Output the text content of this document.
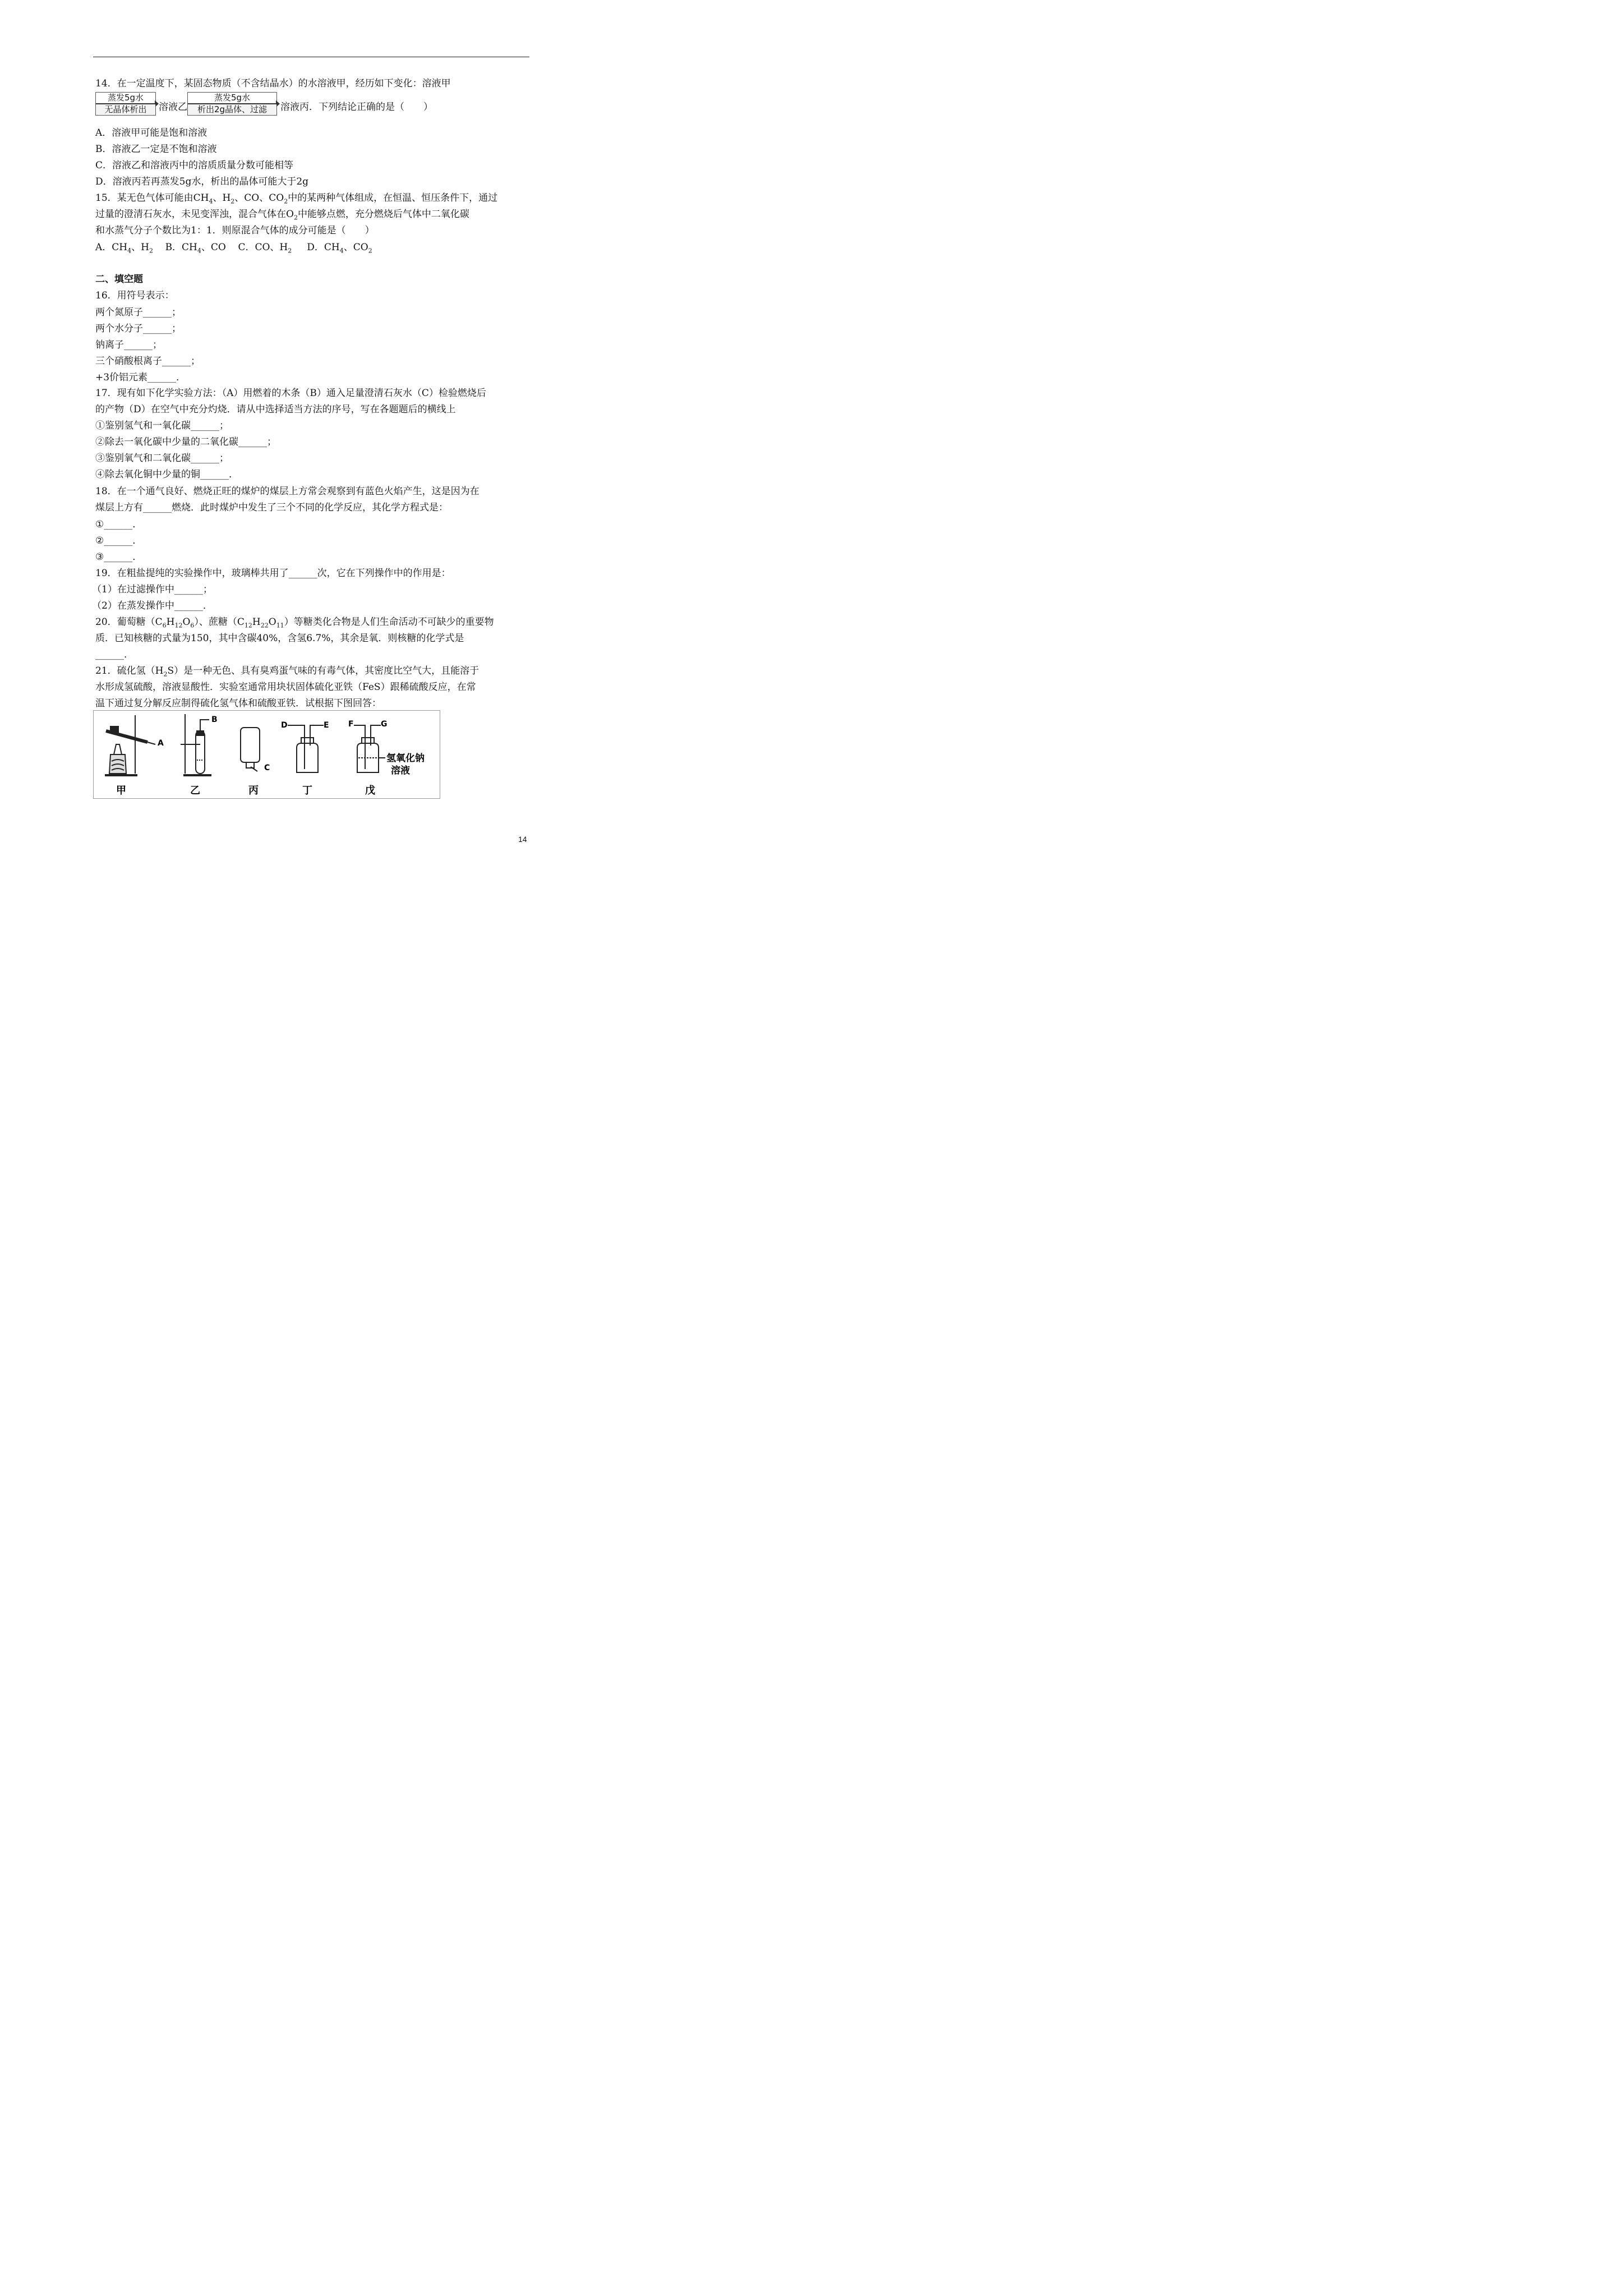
14．在一定温度下，某固态物质（不含结晶水）的水溶液甲，经历如下变化：溶液甲
蒸发5g水
无晶体析出	溶液乙
蒸发5g水
析出2g晶体、过滤	溶液丙．下列结论正确的是（　　）
A．溶液甲可能是饱和溶液
B．溶液乙一定是不饱和溶液
C．溶液乙和溶液丙中的溶质质量分数可能相等
D．溶液丙若再蒸发5g水，析出的晶体可能大于2g
15．某无色气体可能由$CH_4$、$H_2$、CO、$CO_2$中的某两种气体组成，在恒温、恒压条件下，通过
过量的澄清石灰水，未见变浑浊，混合气体在$O_2$中能够点燃，充分燃烧后气体中二氧化碳
和水蒸气分子个数比为1：1．则原混合气体的成分可能是（　　）
A．$CH_4$、$H_2$ B．$CH_4$、CO C．CO、$H_2$ D．$CH_4$、$CO_2$
二、填空题
16．用符号表示：
两个氮原子______；
两个水分子______；
钠离子______；
三个硝酸根离子______；
+3价铝元素______．
17．现有如下化学实验方法：（A）用燃着的木条（B）通入足量澄清石灰水（C）检验燃烧后
的产物（D）在空气中充分灼烧．请从中选择适当方法的序号，写在各题题后的横线上
①鉴别氢气和一氧化碳______；
②除去一氧化碳中少量的二氧化碳______；
③鉴别氧气和二氧化碳______；
④除去氧化铜中少量的铜______．
18．在一个通气良好、燃烧正旺的煤炉的煤层上方常会观察到有蓝色火焰产生，这是因为在
煤层上方有______燃烧．此时煤炉中发生了三个不同的化学反应，其化学方程式是：
①______．
②______．
③______．
19．在粗盐提纯的实验操作中，玻璃棒共用了______次，它在下列操作中的作用是：
（1）在过滤操作中______；
（2）在蒸发操作中______．
20．葡萄糖$(C_6H_{12}O_6)$、蔗糖$(C_{12}H_{22}O_{11})$等糖类化合物是人们生命活动不可缺少的重要物
质．已知核糖的式量为150，其中含碳40%，含氢6.7%，其余是氧．则核糖的化学式是
______．
21．硫化氢$(H_2S)$是一种无色、具有臭鸡蛋气味的有毒气体，其密度比空气大，且能溶于
水形成氢硫酸，溶液显酸性．实验室通常用块状固体硫化亚铁（FeS）跟稀硫酸反应，在常
温下通过复分解反应制得硫化氢气体和硫酸亚铁．试根据下图回答：
A
甲
B
乙
C
丙
D	E
丁
F	G
氢氧化钠
溶液
戊
14
